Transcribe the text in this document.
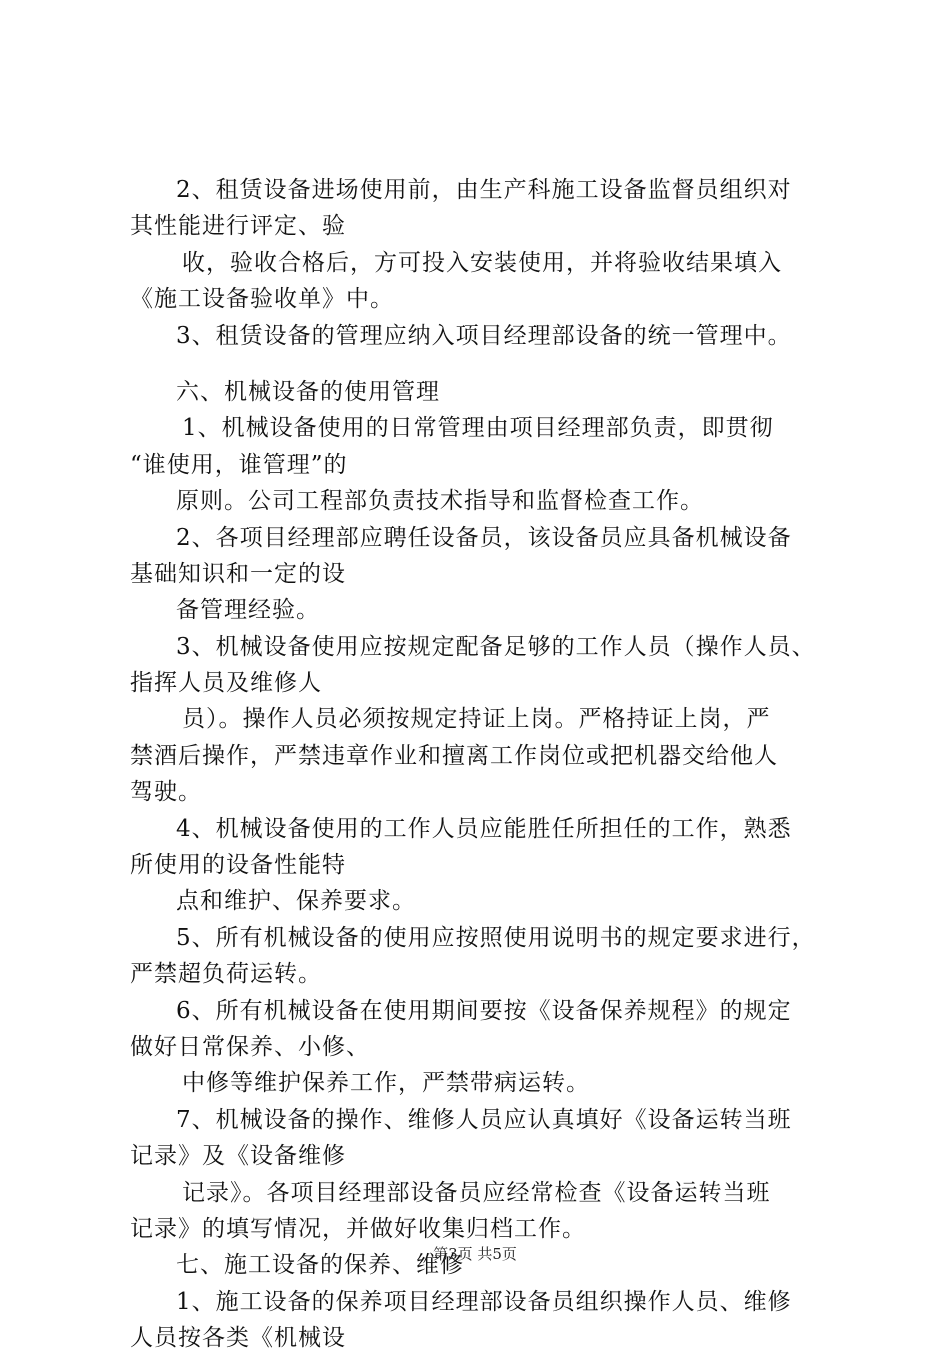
2、租赁设备进场使用前，由生产科施工设备监督员组织对
其性能进行评定、验
收，验收合格后，方可投入安装使用，并将验收结果填入
《施工设备验收单》中。
3、租赁设备的管理应纳入项目经理部设备的统一管理中。
六、机械设备的使用管理
1、机械设备使用的日常管理由项目经理部负责，即贯彻
“谁使用，谁管理”的
原则。公司工程部负责技术指导和监督检查工作。
2、各项目经理部应聘任设备员，该设备员应具备机械设备
基础知识和一定的设
备管理经验。
3、机械设备使用应按规定配备足够的工作人员（操作人员、
指挥人员及维修人
员）。操作人员必须按规定持证上岗。严格持证上岗，严
禁酒后操作，严禁违章作业和擅离工作岗位或把机器交给他人
驾驶。
4、机械设备使用的工作人员应能胜任所担任的工作，熟悉
所使用的设备性能特
点和维护、保养要求。
5、所有机械设备的使用应按照使用说明书的规定要求进行，
严禁超负荷运转。
6、所有机械设备在使用期间要按《设备保养规程》的规定
做好日常保养、小修、
中修等维护保养工作，严禁带病运转。
7、机械设备的操作、维修人员应认真填好《设备运转当班
记录》及《设备维修
记录》。各项目经理部设备员应经常检查《设备运转当班
记录》的填写情况，并做好收集归档工作。
七、施工设备的保养、维修
1、施工设备的保养项目经理部设备员组织操作人员、维修
人员按各类《机械设
第3页 共5页
